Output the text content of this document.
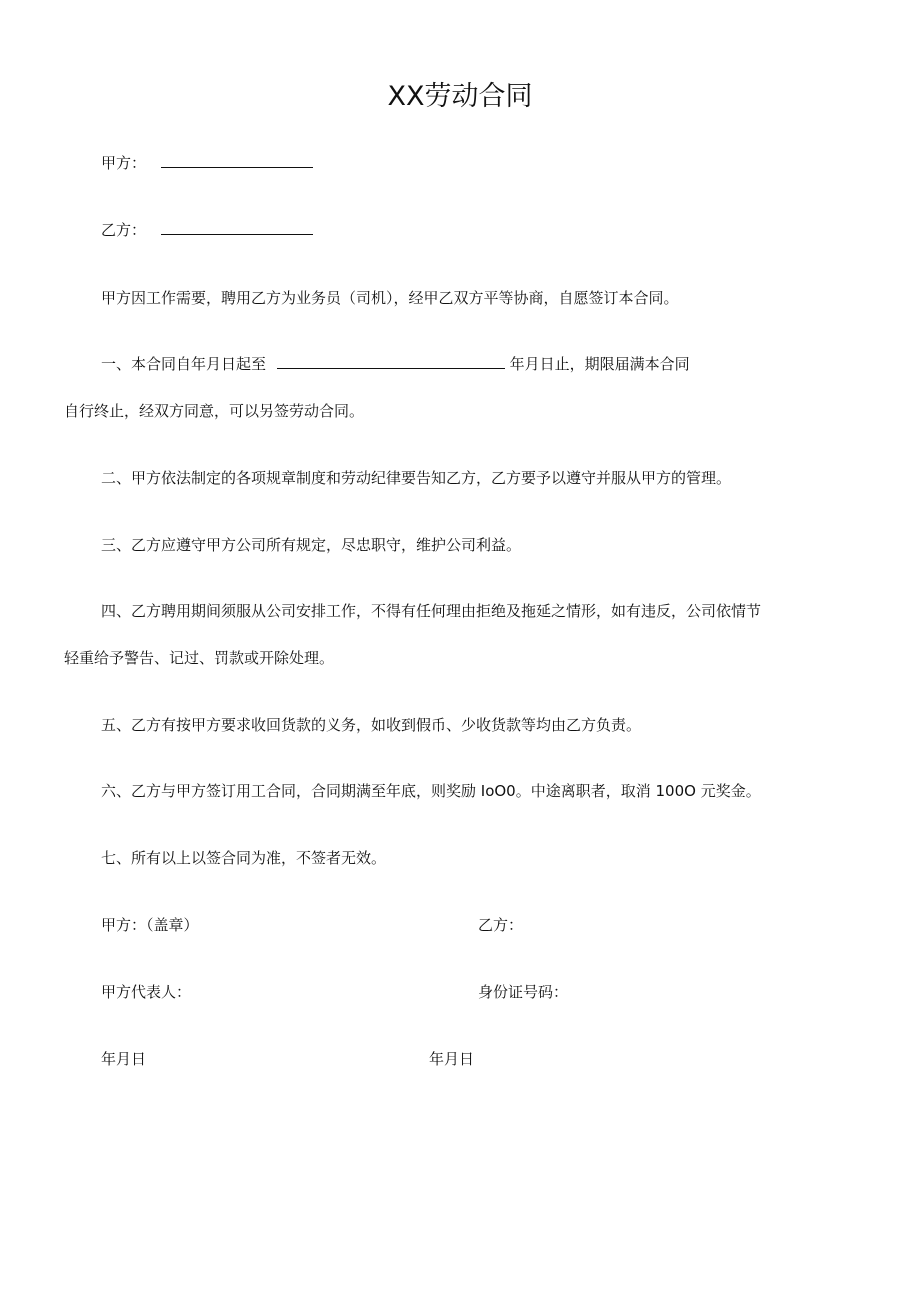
XX劳动合同
甲方：
乙方：
甲方因工作需要，聘用乙方为业务员（司机），经甲乙双方平等协商，自愿签订本合同。
一、本合同自年月日起至	年月日止，期限届满本合同
自行终止，经双方同意，可以另签劳动合同。
二、甲方依法制定的各项规章制度和劳动纪律要告知乙方，乙方要予以遵守并服从甲方的管理。
三、乙方应遵守甲方公司所有规定，尽忠职守，维护公司利益。
四、乙方聘用期间须服从公司安排工作，不得有任何理由拒绝及拖延之情形，如有违反，公司依情节
轻重给予警告、记过、罚款或开除处理。
五、乙方有按甲方要求收回货款的义务，如收到假币、少收货款等均由乙方负责。
六、乙方与甲方签订用工合同，合同期满至年底，则奖励 IoO0。中途离职者，取消 100O 元奖金。
七、所有以上以签合同为准，不签者无效。
甲方：（盖章）	乙方：
甲方代表人：	身份证号码：
年月日	年月日
